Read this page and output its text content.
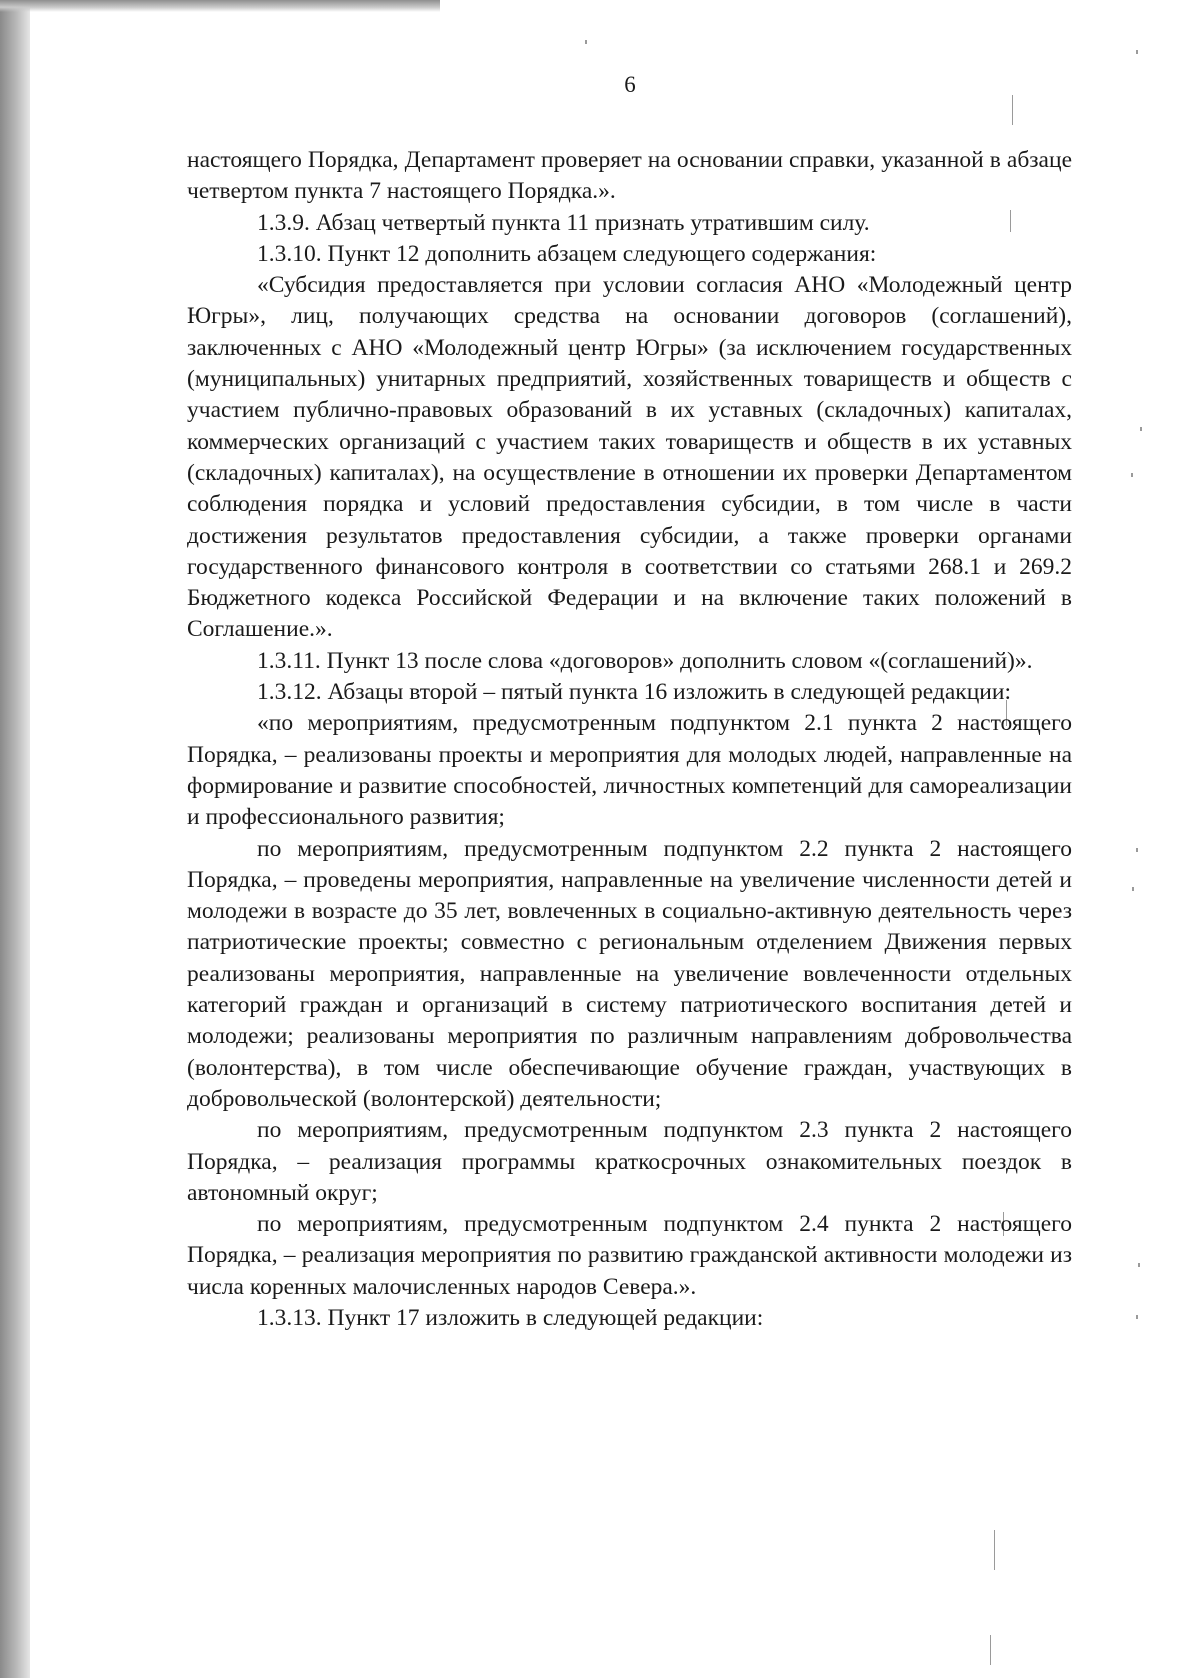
6

настоящего Порядка, Департамент проверяет на основании справки, указанной в абзаце четвертом пункта 7 настоящего Порядка.».

1.3.9. Абзац четвертый пункта 11 признать утратившим силу.

1.3.10. Пункт 12 дополнить абзацем следующего содержания:

«Субсидия предоставляется при условии согласия АНО «Молодежный центр Югры», лиц, получающих средства на основании договоров (соглашений), заключенных с АНО «Молодежный центр Югры» (за исключением государственных (муниципальных) унитарных предприятий, хозяйственных товариществ и обществ с участием публично-правовых образований в их уставных (складочных) капиталах, коммерческих организаций с участием таких товариществ и обществ в их уставных (складочных) капиталах), на осуществление в отношении их проверки Департаментом соблюдения порядка и условий предоставления субсидии, в том числе в части достижения результатов предоставления субсидии, а также проверки органами государственного финансового контроля в соответствии со статьями 268.1 и 269.2 Бюджетного кодекса Российской Федерации и на включение таких положений в Соглашение.».

1.3.11. Пункт 13 после слова «договоров» дополнить словом «(соглашений)».

1.3.12. Абзацы второй – пятый пункта 16 изложить в следующей редакции:

«по мероприятиям, предусмотренным подпунктом 2.1 пункта 2 настоящего Порядка, – реализованы проекты и мероприятия для молодых людей, направленные на формирование и развитие способностей, личностных компетенций для самореализации и профессионального развития;

по мероприятиям, предусмотренным подпунктом 2.2 пункта 2 настоящего Порядка, – проведены мероприятия, направленные на увеличение численности детей и молодежи в возрасте до 35 лет, вовлеченных в социально-активную деятельность через патриотические проекты; совместно с региональным отделением Движения первых реализованы мероприятия, направленные на увеличение вовлеченности отдельных категорий граждан и организаций в систему патриотического воспитания детей и молодежи; реализованы мероприятия по различным направлениям добровольчества (волонтерства), в том числе обеспечивающие обучение граждан, участвующих в добровольческой (волонтерской) деятельности;

по мероприятиям, предусмотренным подпунктом 2.3 пункта 2 настоящего Порядка, – реализация программы краткосрочных ознакомительных поездок в автономный округ;

по мероприятиям, предусмотренным подпунктом 2.4 пункта 2 настоящего Порядка, – реализация мероприятия по развитию гражданской активности молодежи из числа коренных малочисленных народов Севера.».

1.3.13. Пункт 17 изложить в следующей редакции:
